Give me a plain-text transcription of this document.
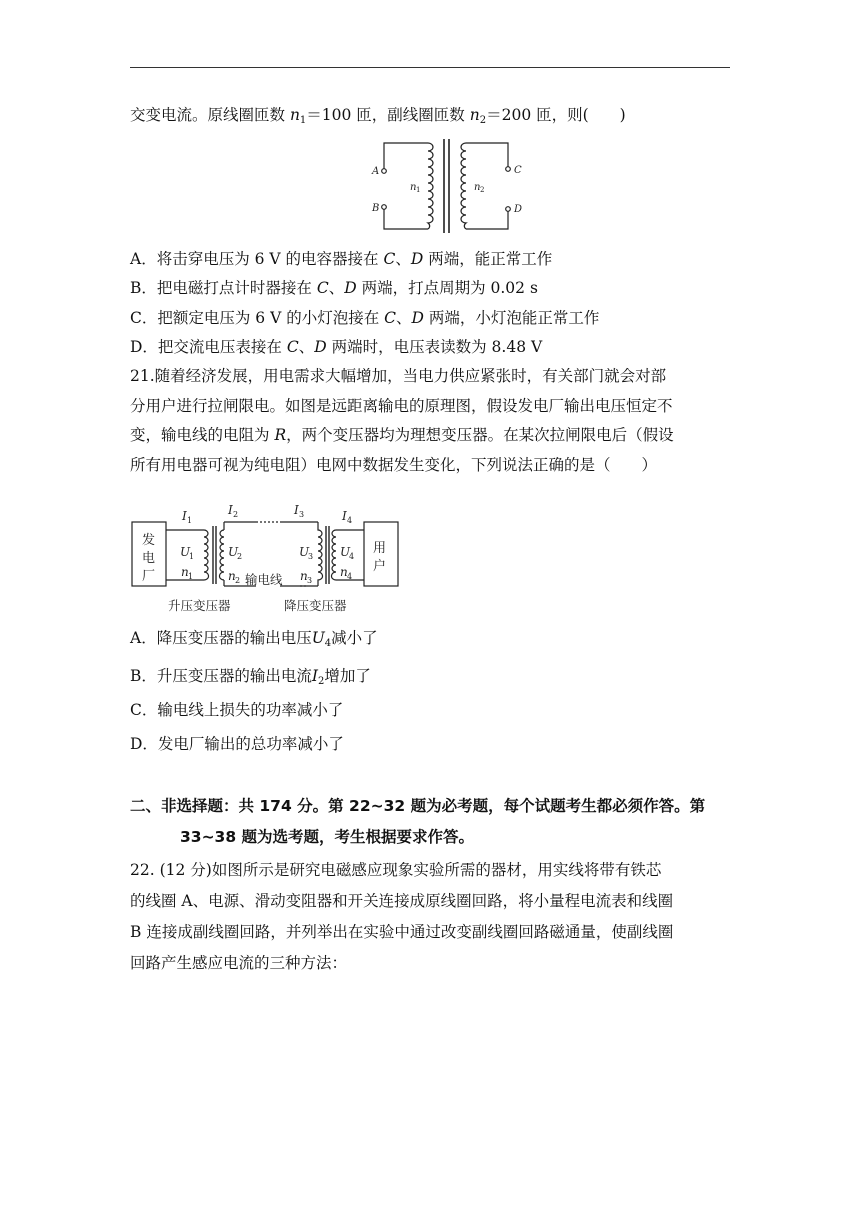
交变电流。原线圈匝数 $n_1=100$ 匝，副线圈匝数 $n_2=200$ 匝，则(　　)
A
B
C
D
n 1	n 2
A．将击穿电压为 6 V 的电容器接在 C、D 两端，能正常工作
B．把电磁打点计时器接在 C、D 两端，打点周期为 0.02 s
C．把额定电压为 6 V 的小灯泡接在 C、D 两端，小灯泡能正常工作
D．把交流电压表接在 C、D 两端时，电压表读数为 8.48 V
21.随着经济发展，用电需求大幅增加，当电力供应紧张时，有关部门就会对部
分用户进行拉闸限电。如图是远距离输电的原理图，假设发电厂输出电压恒定不
变，输电线的电阻为 R，两个变压器均为理想变压器。在某次拉闸限电后（假设
所有用电器可视为纯电阻）电网中数据发生变化，下列说法正确的是（　　）
发
电
厂
用
户
I 1
I 2	I 3	I 4
U
1	U
2	U
3 U
4
n 1	n 2	n 3
n 4
输电线
升压变压器	降压变压器
A．降压变压器的输出电压$U_4$减小了
B．升压变压器的输出电流$I_2$增加了
C．输电线上损失的功率减小了
D．发电厂输出的总功率减小了
二、非选择题：共 174 分。第 22~32 题为必考题，每个试题考生都必须作答。第
33~38 题为选考题，考生根据要求作答。
22. (12 分)如图所示是研究电磁感应现象实验所需的器材，用实线将带有铁芯
的线圈 A、电源、滑动变阻器和开关连接成原线圈回路，将小量程电流表和线圈
B 连接成副线圈回路，并列举出在实验中通过改变副线圈回路磁通量，使副线圈
回路产生感应电流的三种方法：
